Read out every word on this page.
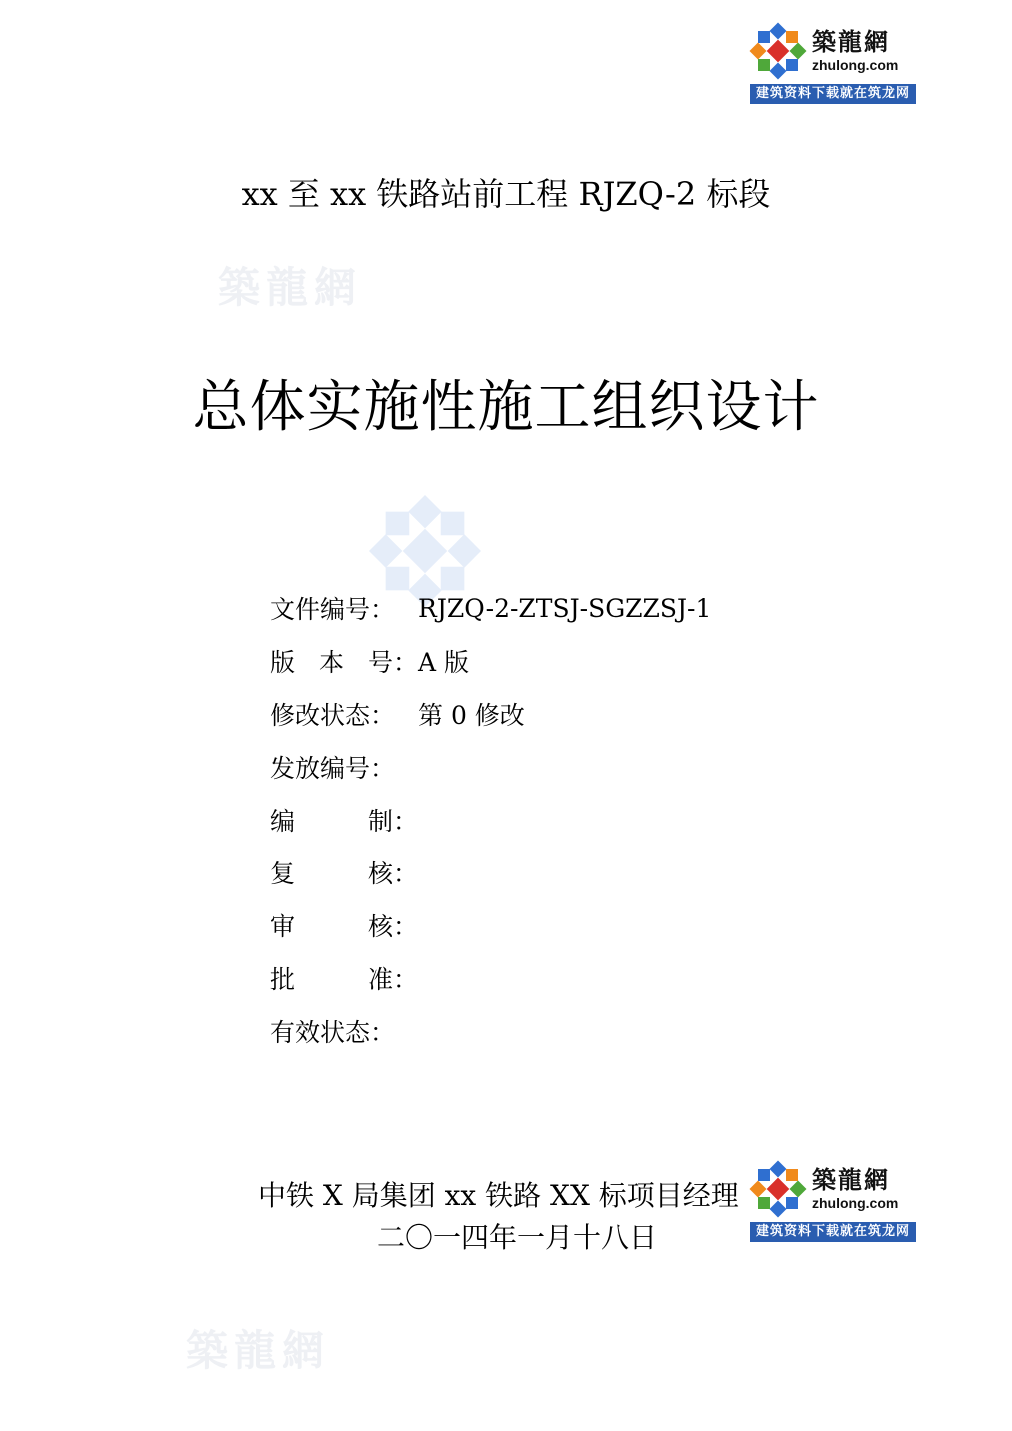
築龍網
zhulong.com
建筑资料下载就在筑龙网
築龍網
築龍網
xx 至 xx 铁路站前工程 RJZQ-2 标段
总体实施性施工组织设计
文件编号： RJZQ-2-ZTSJ-SGZZSJ-1
版 本 号： A 版
修改状态： 第 0 修改
发放编号：
编	制：
复	核：
审	核：
批	准：
有效状态：
中铁 X 局集团 xx 铁路 XX 标项目经理
二〇一四年一月十八日
築龍網
zhulong.com
建筑资料下载就在筑龙网
